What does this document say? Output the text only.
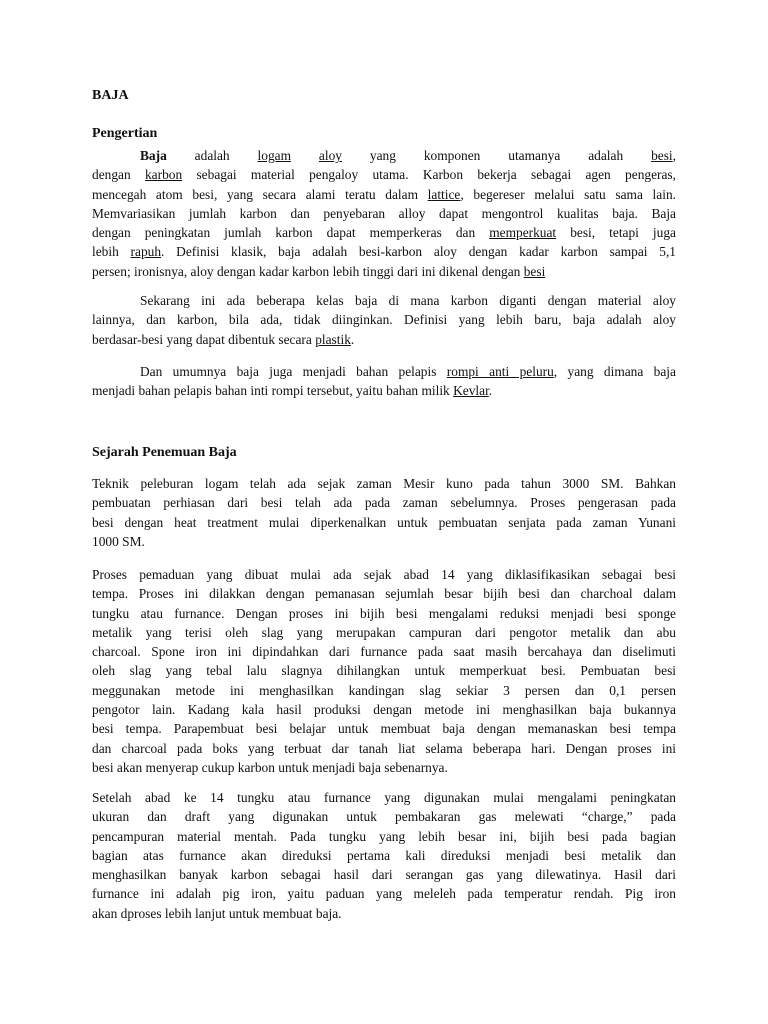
BAJA
Pengertian
Baja adalah logam aloy yang komponen utamanya adalah besi,
dengan karbon sebagai material pengaloy utama. Karbon bekerja sebagai agen pengeras,
mencegah atom besi, yang secara alami teratu dalam lattice, begereser melalui satu sama lain.
Memvariasikan jumlah karbon dan penyebaran alloy dapat mengontrol kualitas baja. Baja
dengan peningkatan jumlah karbon dapat memperkeras dan memperkuat besi, tetapi juga
lebih rapuh. Definisi klasik, baja adalah besi-karbon aloy dengan kadar karbon sampai 5,1
persen; ironisnya, aloy dengan kadar karbon lebih tinggi dari ini dikenal dengan besi
Sekarang ini ada beberapa kelas baja di mana karbon diganti dengan material aloy
lainnya, dan karbon, bila ada, tidak diinginkan. Definisi yang lebih baru, baja adalah aloy
berdasar-besi yang dapat dibentuk secara plastik.
Dan umumnya baja juga menjadi bahan pelapis rompi anti peluru, yang dimana baja
menjadi bahan pelapis bahan inti rompi tersebut, yaitu bahan milik Kevlar.
Sejarah Penemuan Baja
Teknik peleburan logam telah ada sejak zaman Mesir kuno pada tahun 3000 SM. Bahkan
pembuatan perhiasan dari besi telah ada pada zaman sebelumnya. Proses pengerasan pada
besi dengan heat treatment mulai diperkenalkan untuk pembuatan senjata pada zaman Yunani
1000 SM.
Proses pemaduan yang dibuat mulai ada sejak abad 14 yang diklasifikasikan sebagai besi
tempa. Proses ini dilakkan dengan pemanasan sejumlah besar bijih besi dan charchoal dalam
tungku atau furnance. Dengan proses ini bijih besi mengalami reduksi menjadi besi sponge
metalik yang terisi oleh slag yang merupakan campuran dari pengotor metalik dan abu
charcoal. Spone iron ini dipindahkan dari furnance pada saat masih bercahaya dan diselimuti
oleh slag yang tebal lalu slagnya dihilangkan untuk memperkuat besi. Pembuatan besi
meggunakan metode ini menghasilkan kandingan slag sekiar 3 persen dan 0,1 persen
pengotor lain. Kadang kala hasil produksi dengan metode ini menghasilkan baja bukannya
besi tempa. Parapembuat besi belajar untuk membuat baja dengan memanaskan besi tempa
dan charcoal pada boks yang terbuat dar tanah liat selama beberapa hari. Dengan proses ini
besi akan menyerap cukup karbon untuk menjadi baja sebenarnya.
Setelah abad ke 14 tungku atau furnance yang digunakan mulai mengalami peningkatan
ukuran dan draft yang digunakan untuk pembakaran gas melewati “charge,” pada
pencampuran material mentah. Pada tungku yang lebih besar ini, bijih besi pada bagian
bagian atas furnance akan direduksi pertama kali direduksi menjadi besi metalik dan
menghasilkan banyak karbon sebagai hasil dari serangan gas yang dilewatinya. Hasil dari
furnance ini adalah pig iron, yaitu paduan yang meleleh pada temperatur rendah. Pig iron
akan dproses lebih lanjut untuk membuat baja.
